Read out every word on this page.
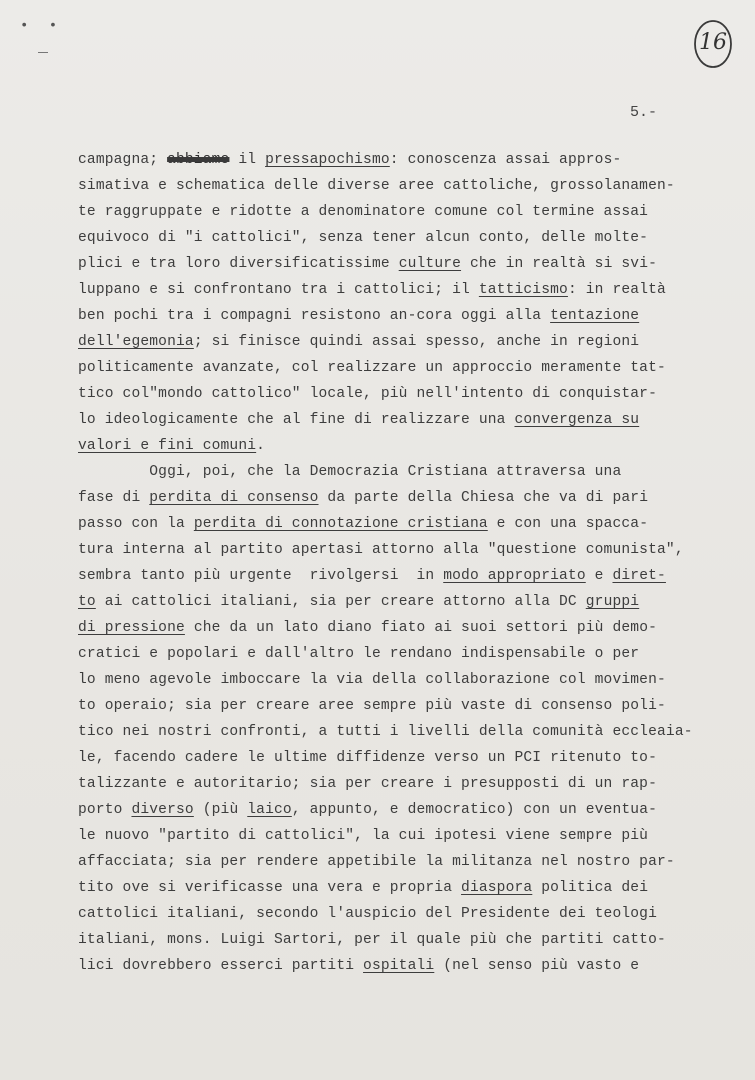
• •
16
5.-
campagna; abbiamo il pressapochismo: conoscenza assai appros-
simativa e schematica delle diverse aree cattoliche, grossolanamen-
te raggruppate e ridotte a denominatore comune col termine assai
equivoco di "i cattolici", senza tener alcun conto, delle molte-
plici e tra loro diversificatissime culture che in realtà si svi-
luppano e si confrontano tra i cattolici; il tatticismo: in realtà
ben pochi tra i compagni resistono an-cora oggi alla tentazione
dell'egemonia; si finisce quindi assai spesso, anche in regioni
politicamente avanzate, col realizzare un approccio meramente tat-
tico col"mondo cattolico" locale, più nell'intento di conquistar-
lo ideologicamente che al fine di realizzare una convergenza su
valori e fini comuni.
Oggi, poi, che la Democrazia Cristiana attraversa una
fase di perdita di consenso da parte della Chiesa che va di pari
passo con la perdita di connotazione cristiana e con una spacca-
tura interna al partito apertasi attorno alla "questione comunista",
sembra tanto più urgente  rivolgersi  in modo appropriato e diret-
to ai cattolici italiani, sia per creare attorno alla DC gruppi
di pressione che da un lato diano fiato ai suoi settori più demo-
cratici e popolari e dall'altro le rendano indispensabile o per
lo meno agevole imboccare la via della collaborazione col movimen-
to operaio; sia per creare aree sempre più vaste di consenso poli-
tico nei nostri confronti, a tutti i livelli della comunità eccleaia-
le, facendo cadere le ultime diffidenze verso un PCI ritenuto to-
talizzante e autoritario; sia per creare i presupposti di un rap-
porto diverso (più laico, appunto, e democratico) con un eventua-
le nuovo "partito di cattolici", la cui ipotesi viene sempre più
affacciata; sia per rendere appetibile la militanza nel nostro par-
tito ove si verificasse una vera e propria diaspora politica dei
cattolici italiani, secondo l'auspicio del Presidente dei teologi
italiani, mons. Luigi Sartori, per il quale più che partiti catto-
lici dovrebbero esserci partiti ospitali (nel senso più vasto e
